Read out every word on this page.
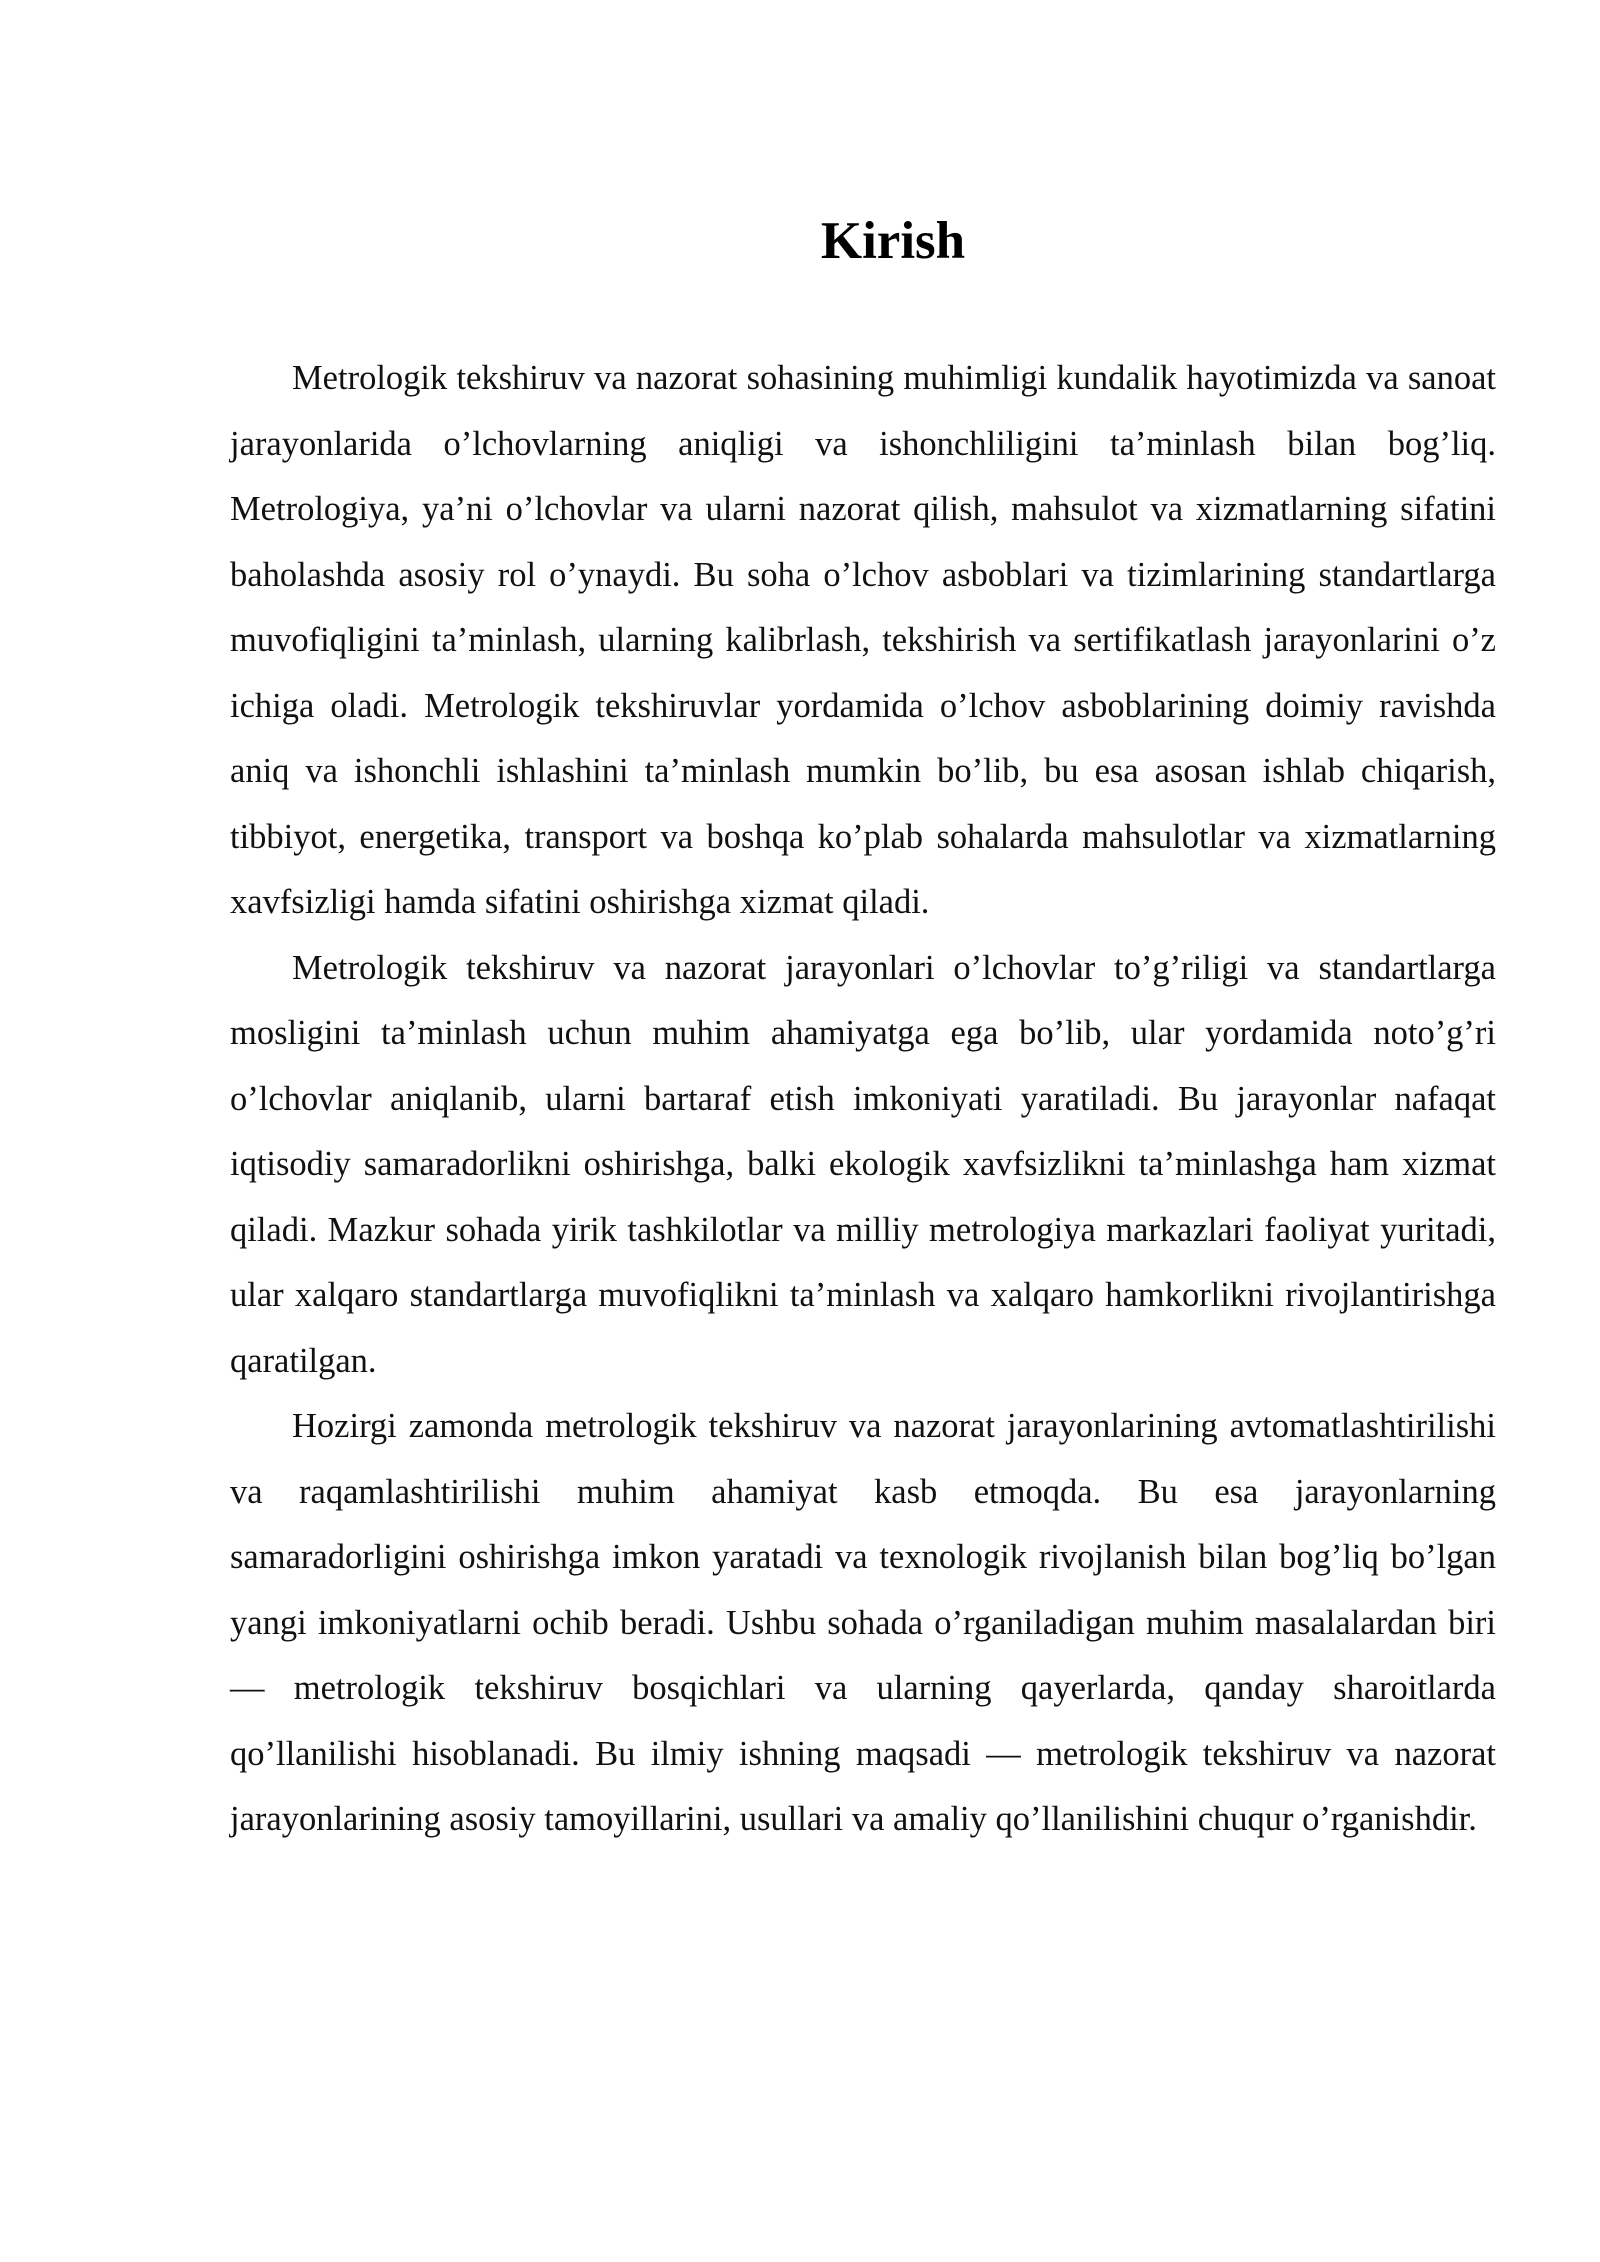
Kirish

Metrologik tekshiruv va nazorat sohasining muhimligi kundalik hayotimizda va sanoat jarayonlarida o’lchovlarning aniqligi va ishonchliligini ta’minlash bilan bog’liq. Metrologiya, ya’ni o’lchovlar va ularni nazorat qilish, mahsulot va xizmatlarning sifatini baholashda asosiy rol o’ynaydi. Bu soha o’lchov asboblari va tizimlarining standartlarga muvofiqligini ta’minlash, ularning kalibrlash, tekshirish va sertifikatlash jarayonlarini o’z ichiga oladi. Metrologik tekshiruvlar yordamida o’lchov asboblarining doimiy ravishda aniq va ishonchli ishlashini ta’minlash mumkin bo’lib, bu esa asosan ishlab chiqarish, tibbiyot, energetika, transport va boshqa ko’plab sohalarda mahsulotlar va xizmatlarning xavfsizligi hamda sifatini oshirishga xizmat qiladi.

Metrologik tekshiruv va nazorat jarayonlari o’lchovlar to’g’riligi va standartlarga mosligini ta’minlash uchun muhim ahamiyatga ega bo’lib, ular yordamida noto’g’ri o’lchovlar aniqlanib, ularni bartaraf etish imkoniyati yaratiladi. Bu jarayonlar nafaqat iqtisodiy samaradorlikni oshirishga, balki ekologik xavfsizlikni ta’minlashga ham xizmat qiladi. Mazkur sohada yirik tashkilotlar va milliy metrologiya markazlari faoliyat yuritadi, ular xalqaro standartlarga muvofiqlikni ta’minlash va xalqaro hamkorlikni rivojlantirishga qaratilgan.

Hozirgi zamonda metrologik tekshiruv va nazorat jarayonlarining avtomatlashtirilishi va raqamlashtirilishi muhim ahamiyat kasb etmoqda. Bu esa jarayonlarning samaradorligini oshirishga imkon yaratadi va texnologik rivojlanish bilan bog’liq bo’lgan yangi imkoniyatlarni ochib beradi. Ushbu sohada o’rganiladigan muhim masalalardan biri — metrologik tekshiruv bosqichlari va ularning qayerlarda, qanday sharoitlarda qo’llanilishi hisoblanadi. Bu ilmiy ishning maqsadi — metrologik tekshiruv va nazorat jarayonlarining asosiy tamoyillarini, usullari va amaliy qo’llanilishini chuqur o’rganishdir.
